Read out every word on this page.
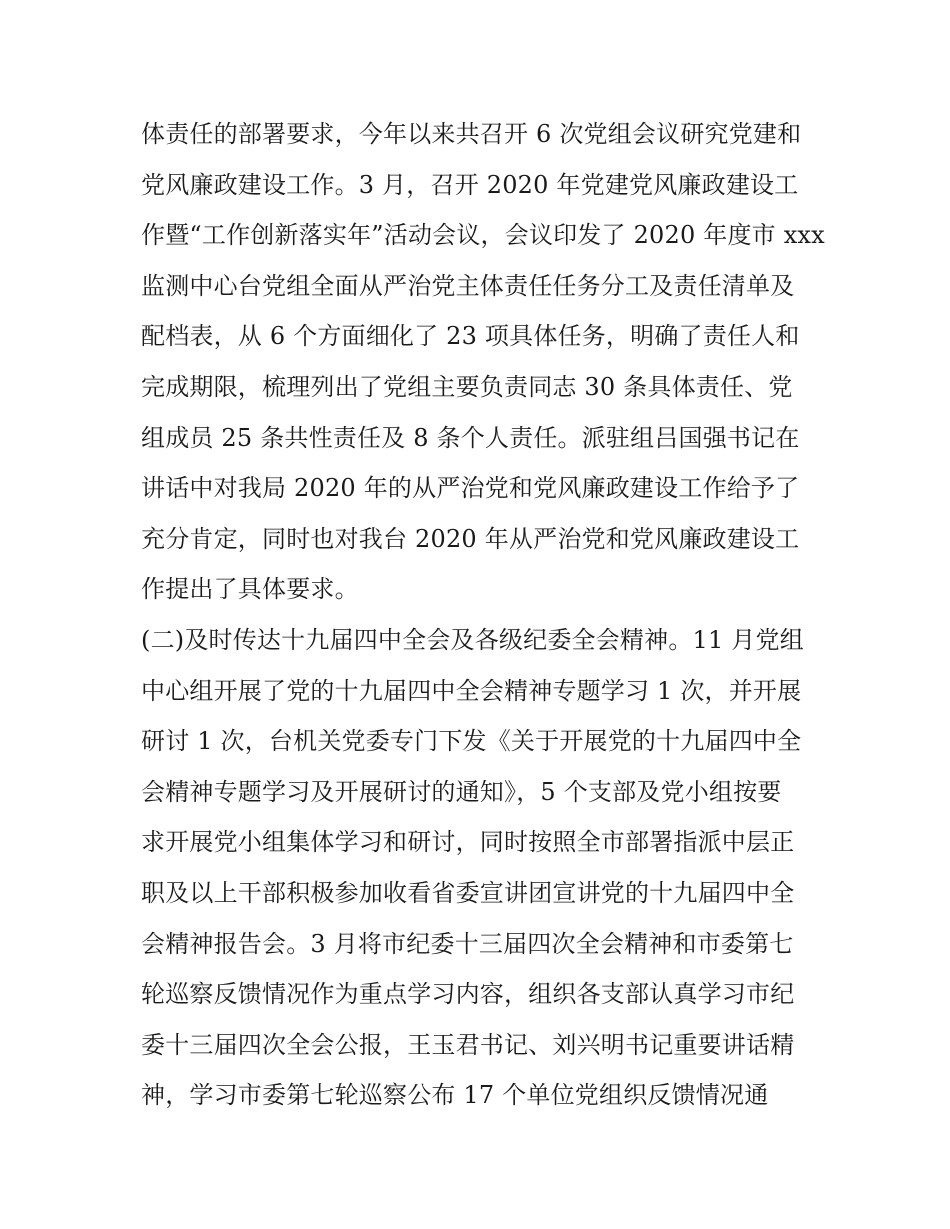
体责任的部署要求，今年以来共召开 6 次党组会议研究党建和
党风廉政建设工作。3 月，召开 2020 年党建党风廉政建设工
作暨“工作创新落实年”活动会议，会议印发了 2020 年度市 xxx
监测中心台党组全面从严治党主体责任任务分工及责任清单及
配档表，从 6 个方面细化了 23 项具体任务，明确了责任人和
完成期限，梳理列出了党组主要负责同志 30 条具体责任、党
组成员 25 条共性责任及 8 条个人责任。派驻组吕国强书记在
讲话中对我局 2020 年的从严治党和党风廉政建设工作给予了
充分肯定，同时也对我台 2020 年从严治党和党风廉政建设工
作提出了具体要求。
(二)及时传达十九届四中全会及各级纪委全会精神。11 月党组
中心组开展了党的十九届四中全会精神专题学习 1 次，并开展
研讨 1 次，台机关党委专门下发《关于开展党的十九届四中全
会精神专题学习及开展研讨的通知》，5 个支部及党小组按要
求开展党小组集体学习和研讨，同时按照全市部署指派中层正
职及以上干部积极参加收看省委宣讲团宣讲党的十九届四中全
会精神报告会。3 月将市纪委十三届四次全会精神和市委第七
轮巡察反馈情况作为重点学习内容，组织各支部认真学习市纪
委十三届四次全会公报，王玉君书记、刘兴明书记重要讲话精
神，学习市委第七轮巡察公布 17 个单位党组织反馈情况通
